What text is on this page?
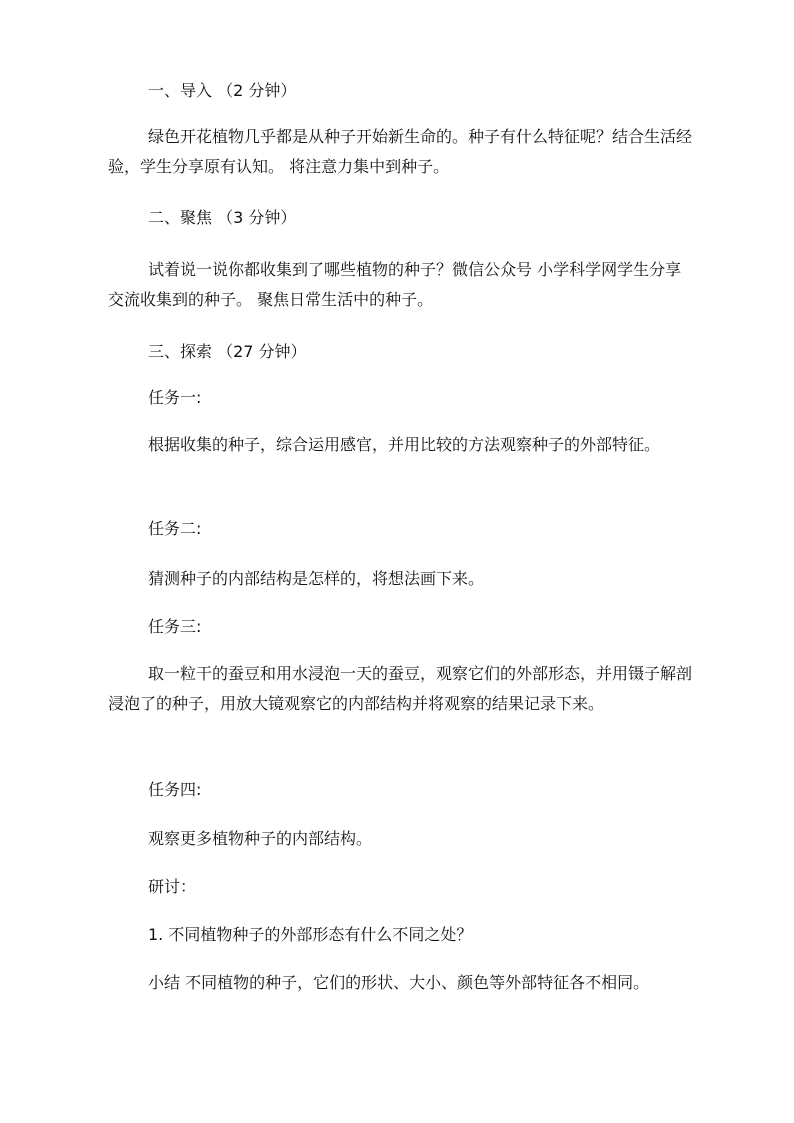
一、导入 （2 分钟）

绿色开花植物几乎都是从种子开始新生命的。种子有什么特征呢？结合生活经验，学生分享原有认知。 将注意力集中到种子。

二、聚焦 （3 分钟）

试着说一说你都收集到了哪些植物的种子？微信公众号 小学科学网学生分享交流收集到的种子。 聚焦日常生活中的种子。

三、探索 （27 分钟）

任务一:

根据收集的种子，综合运用感官，并用比较的方法观察种子的外部特征。

任务二:

猜测种子的内部结构是怎样的，将想法画下来。

任务三:

取一粒干的蚕豆和用水浸泡一天的蚕豆，观察它们的外部形态，并用镊子解剖浸泡了的种子，用放大镜观察它的内部结构并将观察的结果记录下来。

任务四:

观察更多植物种子的内部结构。

研讨：

1. 不同植物种子的外部形态有什么不同之处？

小结 不同植物的种子，它们的形状、大小、颜色等外部特征各不相同。
